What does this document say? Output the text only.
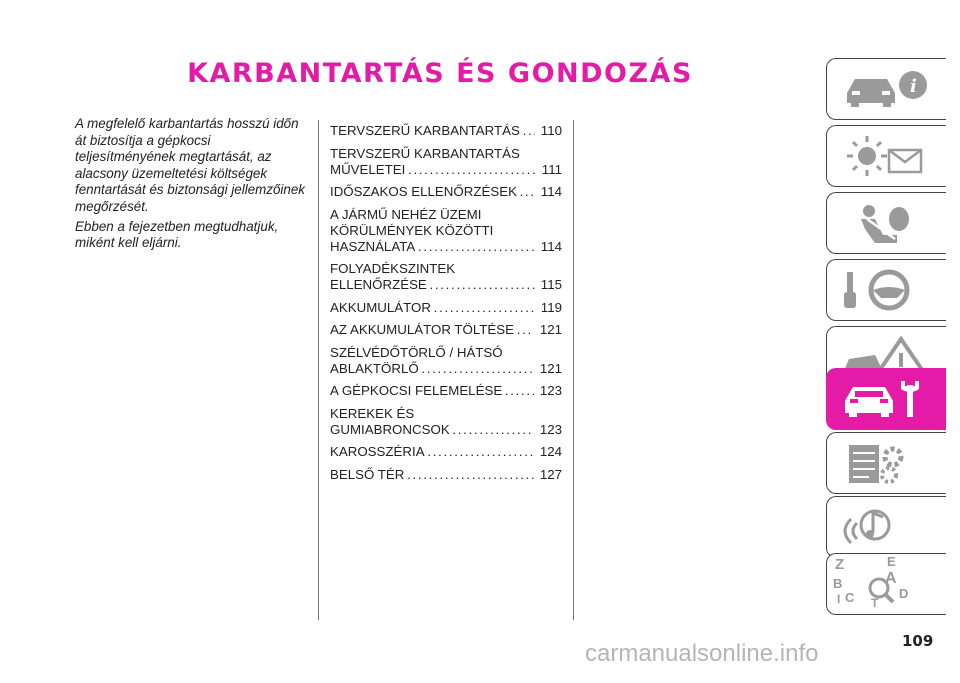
KARBANTARTÁS ÉS GONDOZÁS

A megfelelő karbantartás hosszú időn át biztosítja a gépkocsi teljesítményének megtartását, az alacsony üzemeltetési költségek fenntartását és biztonsági jellemzőinek megőrzését.

Ebben a fejezetben megtudhatjuk, miként kell eljárni.

TERVSZERŰ KARBANTARTÁS . . .	110
TERVSZERŰ KARBANTARTÁS
MŰVELETEI . . .	111
IDŐSZAKOS ELLENŐRZÉSEK . . .	114
A JÁRMŰ NEHÉZ ÜZEMI
KÖRÜLMÉNYEK KÖZÖTTI
HASZNÁLATA . . .	114
FOLYADÉKSZINTEK
ELLENŐRZÉSE . . .	115
AKKUMULÁTOR . . .	119
AZ AKKUMULÁTOR TÖLTÉSE . . .	121
SZÉLVÉDŐTÖRLŐ / HÁTSÓ
ABLAKTÖRLŐ . . .	121
A GÉPKOCSI FELEMELÉSE . . .	123
KEREKEK ÉS
GUMIABRONCSOK . . .	123
KAROSSZÉRIA . . .	124
BELSŐ TÉR . . .	127
i
Z	E
B	A
C T
D
I
109
carmanualsonline.info
